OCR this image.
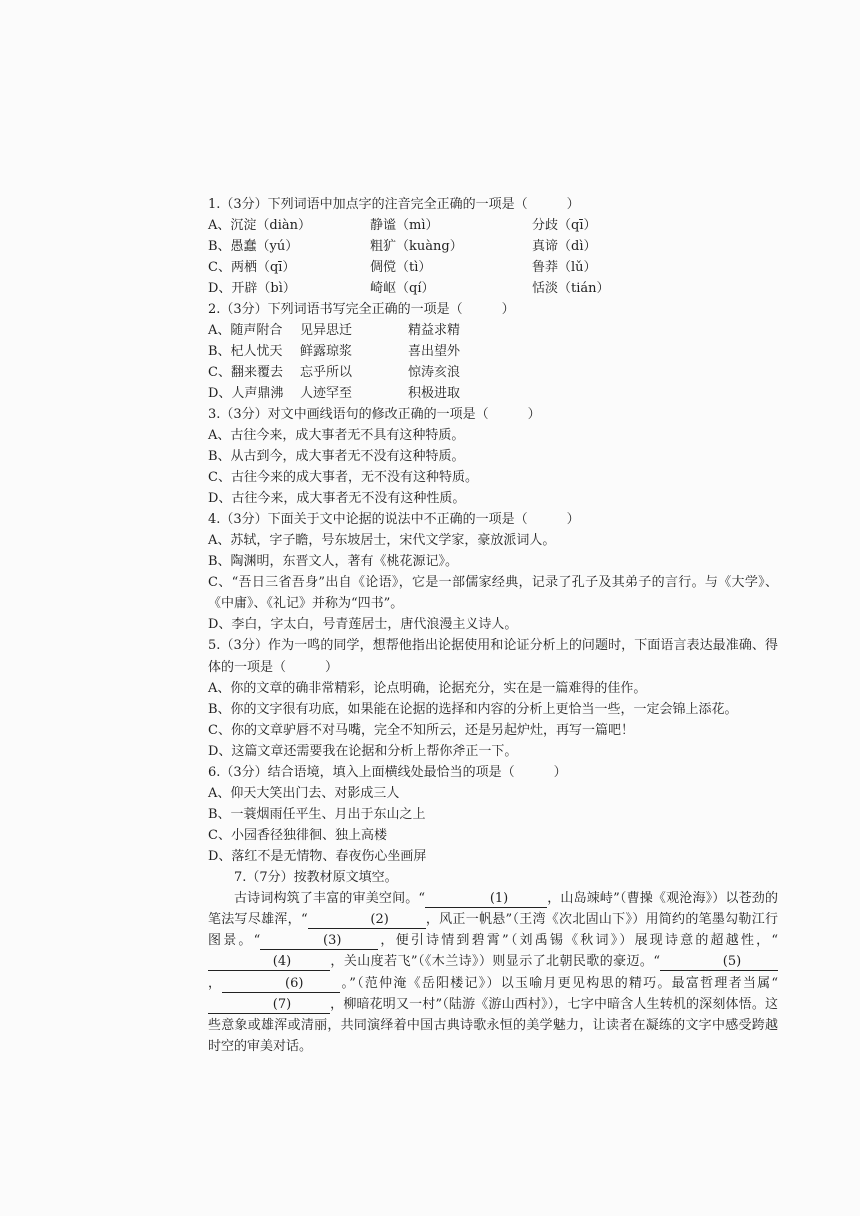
1.（3分）下列词语中加点字的注音完全正确的一项是（　　　）
A、沉淀（diàn）	静谧（mì）	分歧（qī）
B、愚蠢（yú）	粗犷（kuàng）	真谛（dì）
C、两栖（qī）	倜傥（tì）	鲁莽（lǔ）
D、开辟（bì）	崎岖（qí）	恬淡（tián）
2.（3分）下列词语书写完全正确的一项是（　　　）
A、随声附合 见异思迁	精益求精
B、杞人忧天 鲜露琼浆	喜出望外
C、翻来覆去 忘乎所以	惊涛亥浪
D、人声鼎沸 人迹罕至	积极进取
3.（3分）对文中画线语句的修改正确的一项是（　　　）
A、古往今来，成大事者无不具有这种特质。
B、从古到今，成大事者无不没有这种特质。
C、古往今来的成大事者，无不没有这种特质。
D、古往今来，成大事者无不没有这种性质。
4.（3分）下面关于文中论据的说法中不正确的一项是（　　　）
A、苏轼，字子瞻，号东坡居士，宋代文学家，豪放派词人。
B、陶渊明，东晋文人，著有《桃花源记》。
C、“吾日三省吾身”出自《论语》，它是一部儒家经典，记录了孔子及其弟子的言行。与《大学》、《中庸》、《礼记》并称为“四书”。
D、李白，字太白，号青莲居士，唐代浪漫主义诗人。
5.（3分）作为一鸣的同学，想帮他指出论据使用和论证分析上的问题时，下面语言表达最准确、得体的一项是（　　　）
A、你的文章的确非常精彩，论点明确，论据充分，实在是一篇难得的佳作。
B、你的文字很有功底，如果能在论据的选择和内容的分析上更恰当一些，一定会锦上添花。
C、你的文章驴唇不对马嘴，完全不知所云，还是另起炉灶，再写一篇吧！
D、这篇文章还需要我在论据和分析上帮你斧正一下。
6.（3分）结合语境，填入上面横线处最恰当的项是（　　　）
A、仰天大笑出门去、对影成三人
B、一蓑烟雨任平生、月出于东山之上
C、小园香径独徘徊、独上高楼
D、落红不是无情物、春夜伤心坐画屏
7.（7分）按教材原文填空。
古诗词构筑了丰富的审美空间。“	(1)	，山岛竦峙”（曹操《观沧海》）以苍劲的笔法写尽雄浑，“	(2)	，风正一帆悬”（王湾《次北固山下》）用简约的笔墨勾勒江行图景。“	(3)	，便引诗情到碧霄”（刘禹锡《秋词》）展现诗意的超越性，“(4)	，关山度若飞”（《木兰诗》）则显示了北朝民歌的豪迈。“	(5)，	(6)	。”（范仲淹《岳阳楼记》）以玉喻月更见构思的精巧。最富哲理者当属“(7)	，柳暗花明又一村”（陆游《游山西村》），七字中暗含人生转机的深刻体悟。这些意象或雄浑或清丽，共同演绎着中国古典诗歌永恒的美学魅力，让读者在凝练的文字中感受跨越时空的审美对话。
